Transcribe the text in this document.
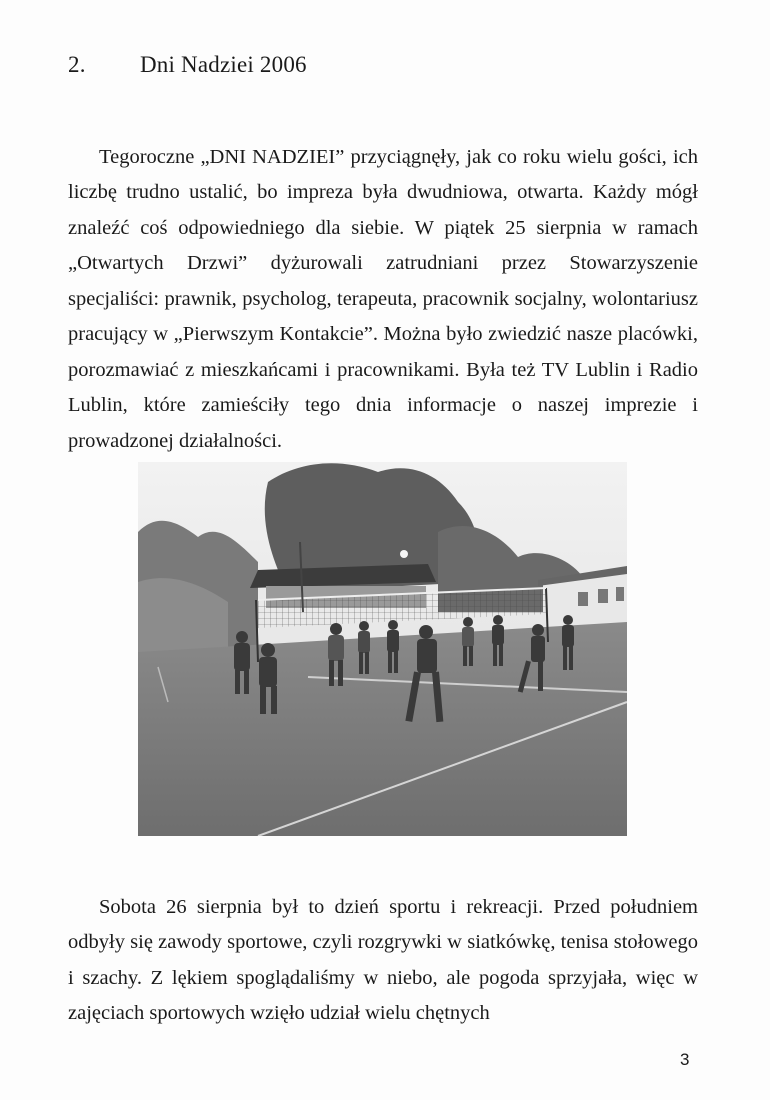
2. Dni Nadziei 2006

Tegoroczne „DNI NADZIEI” przyciągnęły, jak co roku wielu gości, ich liczbę trudno ustalić, bo impreza była dwudniowa, otwarta. Każdy mógł znaleźć coś odpowiedniego dla siebie. W piątek 25 sierpnia w ramach „Otwartych Drzwi” dyżurowali zatrudniani przez Stowarzyszenie specjaliści: prawnik, psycholog, terapeuta, pracownik socjalny, wolontariusz pracujący w „Pierwszym Kontakcie”. Można było zwiedzić nasze placówki, porozmawiać z mieszkańcami i pracownikami. Była też TV Lublin i Radio Lublin, które zamieściły tego dnia informacje o naszej imprezie i prowadzonej działalności.

Sobota 26 sierpnia był to dzień sportu i rekreacji. Przed południem odbyły się zawody sportowe, czyli rozgrywki w siatkówkę, tenisa stołowego i szachy. Z lękiem spoglądaliśmy w niebo, ale pogoda sprzyjała, więc w zajęciach sportowych wzięło udział wielu chętnych

3
